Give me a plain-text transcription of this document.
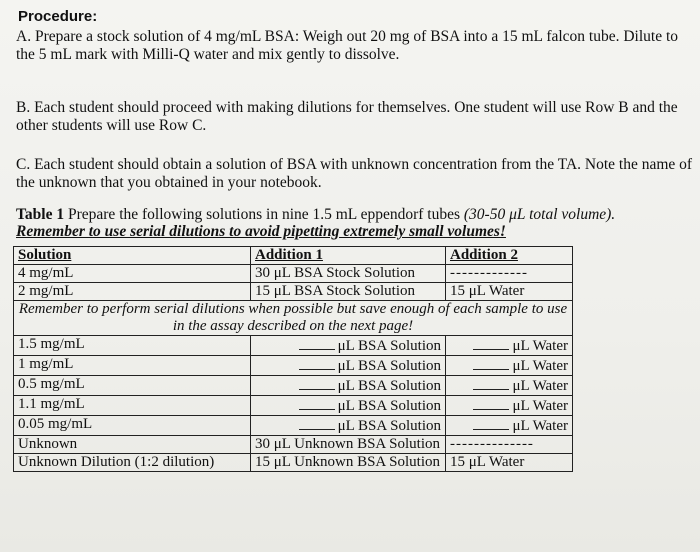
Procedure:
A. Prepare a stock solution of 4 mg/mL BSA: Weigh out 20 mg of BSA into a 15 mL falcon tube. Dilute to the 5 mL mark with Milli-Q water and mix gently to dissolve.
B. Each student should proceed with making dilutions for themselves. One student will use Row B and the other students will use Row C.
C. Each student should obtain a solution of BSA with unknown concentration from the TA. Note the name of the unknown that you obtained in your notebook.
Table 1 Prepare the following solutions in nine 1.5 mL eppendorf tubes (30-50 μL total volume).
Remember to use serial dilutions to avoid pipetting extremely small volumes!
Solution	Addition 1	Addition 2
4 mg/mL	30 μL BSA Stock Solution	-------------
2 mg/mL	15 μL BSA Stock Solution	15 μL Water
Remember to perform serial dilutions when possible but save enough of each sample to use in the assay described on the next page!		
1.5 mg/mL	μL BSA Solution	μL Water
1 mg/mL	μL BSA Solution	μL Water
0.5 mg/mL	μL BSA Solution	μL Water
1.1 mg/mL	μL BSA Solution	μL Water
0.05 mg/mL	μL BSA Solution	μL Water
Unknown	30 μL Unknown BSA Solution	--------------
Unknown Dilution (1:2 dilution)	15 μL Unknown BSA Solution	15 μL Water
